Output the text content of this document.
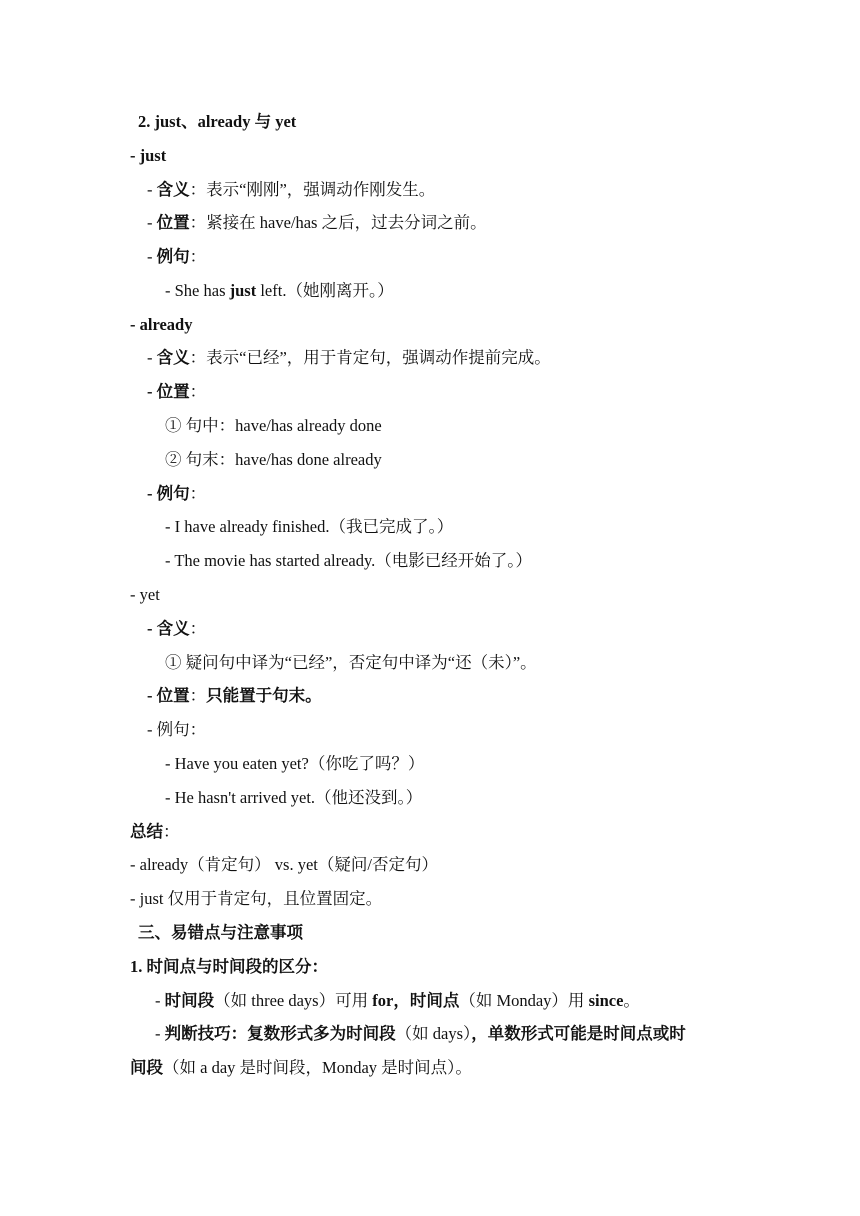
2. just、already 与 yet
- just
- 含义：表示“刚刚”，强调动作刚发生。
- 位置：紧接在 have/has 之后，过去分词之前。
- 例句：
- She has just left.（她刚离开。）
- already
- 含义：表示“已经”，用于肯定句，强调动作提前完成。
- 位置：
① 句中：have/has already done
② 句末：have/has done already
- 例句：
- I have already finished.（我已完成了。）
- The movie has started already.（电影已经开始了。）
- yet
- 含义：
① 疑问句中译为“已经”，否定句中译为“还（未）”。
- 位置：只能置于句末。
- 例句：
- Have you eaten yet?（你吃了吗？）
- He hasn't arrived yet.（他还没到。）
总结：
- already（肯定句） vs. yet（疑问/否定句）
- just 仅用于肯定句，且位置固定。
三、易错点与注意事项
1. 时间点与时间段的区分：
- 时间段（如 three days）可用 for，时间点（如 Monday）用 since。
- 判断技巧：复数形式多为时间段（如 days），单数形式可能是时间点或时
间段（如 a day 是时间段，Monday 是时间点）。
